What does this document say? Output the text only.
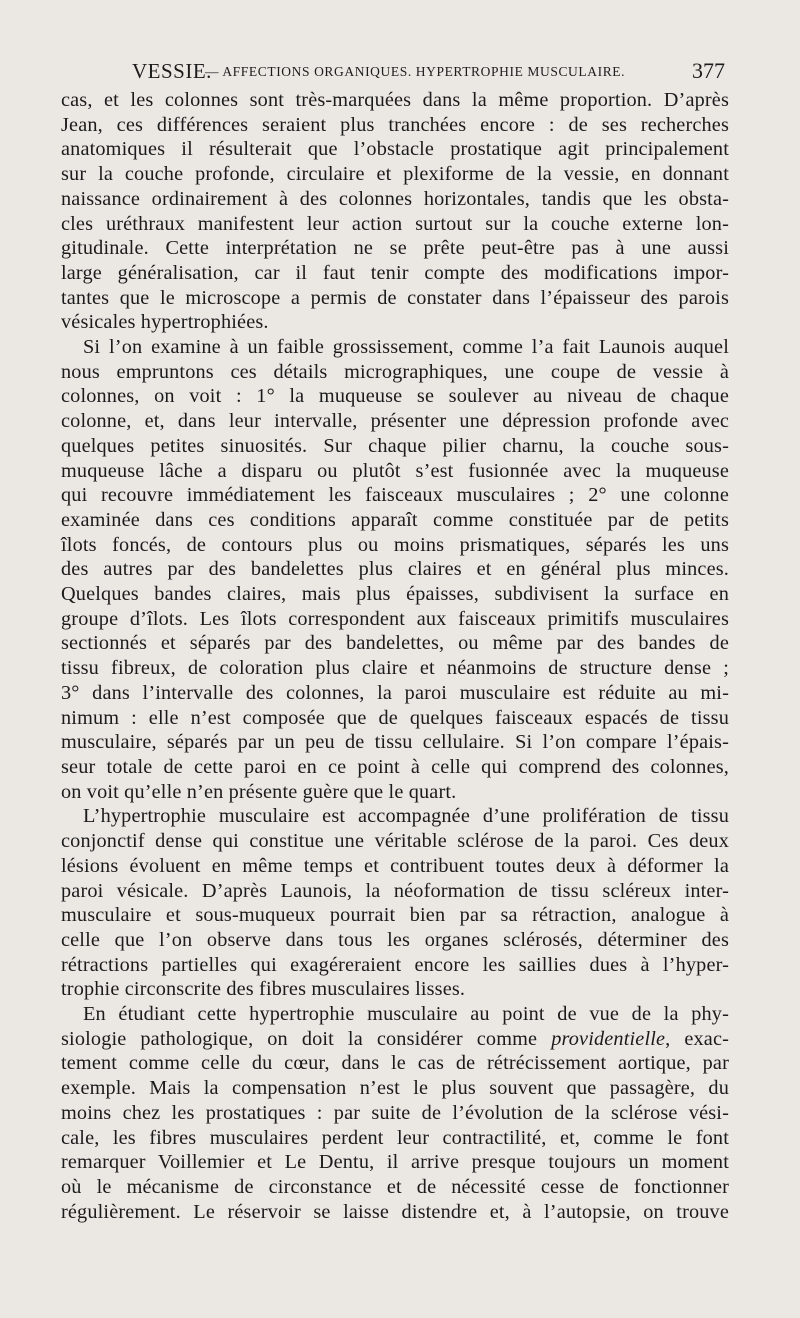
VESSIE.
— AFFECTIONS ORGANIQUES. HYPERTROPHIE MUSCULAIRE.	377
cas, et les colonnes sont très-marquées dans la même proportion. D’après
Jean, ces différences seraient plus tranchées encore : de ses recherches
anatomiques il résulterait que l’obstacle prostatique agit principalement
sur la couche profonde, circulaire et plexiforme de la vessie, en donnant
naissance ordinairement à des colonnes horizontales, tandis que les obsta-
cles uréthraux manifestent leur action surtout sur la couche externe lon-
gitudinale. Cette interprétation ne se prête peut-être pas à une aussi
large généralisation, car il faut tenir compte des modifications impor-
tantes que le microscope a permis de constater dans l’épaisseur des parois
vésicales hypertrophiées.
Si l’on examine à un faible grossissement, comme l’a fait Launois auquel
nous empruntons ces détails micrographiques, une coupe de vessie à
colonnes, on voit : 1° la muqueuse se soulever au niveau de chaque
colonne, et, dans leur intervalle, présenter une dépression profonde avec
quelques petites sinuosités. Sur chaque pilier charnu, la couche sous-
muqueuse lâche a disparu ou plutôt s’est fusionnée avec la muqueuse
qui recouvre immédiatement les faisceaux musculaires ; 2° une colonne
examinée dans ces conditions apparaît comme constituée par de petits
îlots foncés, de contours plus ou moins prismatiques, séparés les uns
des autres par des bandelettes plus claires et en général plus minces.
Quelques bandes claires, mais plus épaisses, subdivisent la surface en
groupe d’îlots. Les îlots correspondent aux faisceaux primitifs musculaires
sectionnés et séparés par des bandelettes, ou même par des bandes de
tissu fibreux, de coloration plus claire et néanmoins de structure dense ;
3° dans l’intervalle des colonnes, la paroi musculaire est réduite au mi-
nimum : elle n’est composée que de quelques faisceaux espacés de tissu
musculaire, séparés par un peu de tissu cellulaire. Si l’on compare l’épais-
seur totale de cette paroi en ce point à celle qui comprend des colonnes,
on voit qu’elle n’en présente guère que le quart.
L’hypertrophie musculaire est accompagnée d’une prolifération de tissu
conjonctif dense qui constitue une véritable sclérose de la paroi. Ces deux
lésions évoluent en même temps et contribuent toutes deux à déformer la
paroi vésicale. D’après Launois, la néoformation de tissu scléreux inter-
musculaire et sous-muqueux pourrait bien par sa rétraction, analogue à
celle que l’on observe dans tous les organes sclérosés, déterminer des
rétractions partielles qui exagéreraient encore les saillies dues à l’hyper-
trophie circonscrite des fibres musculaires lisses.
En étudiant cette hypertrophie musculaire au point de vue de la phy-
siologie pathologique, on doit la considérer comme providentielle, exac-
tement comme celle du cœur, dans le cas de rétrécissement aortique, par
exemple. Mais la compensation n’est le plus souvent que passagère, du
moins chez les prostatiques : par suite de l’évolution de la sclérose vési-
cale, les fibres musculaires perdent leur contractilité, et, comme le font
remarquer Voillemier et Le Dentu, il arrive presque toujours un moment
où le mécanisme de circonstance et de nécessité cesse de fonctionner
régulièrement. Le réservoir se laisse distendre et, à l’autopsie, on trouve
